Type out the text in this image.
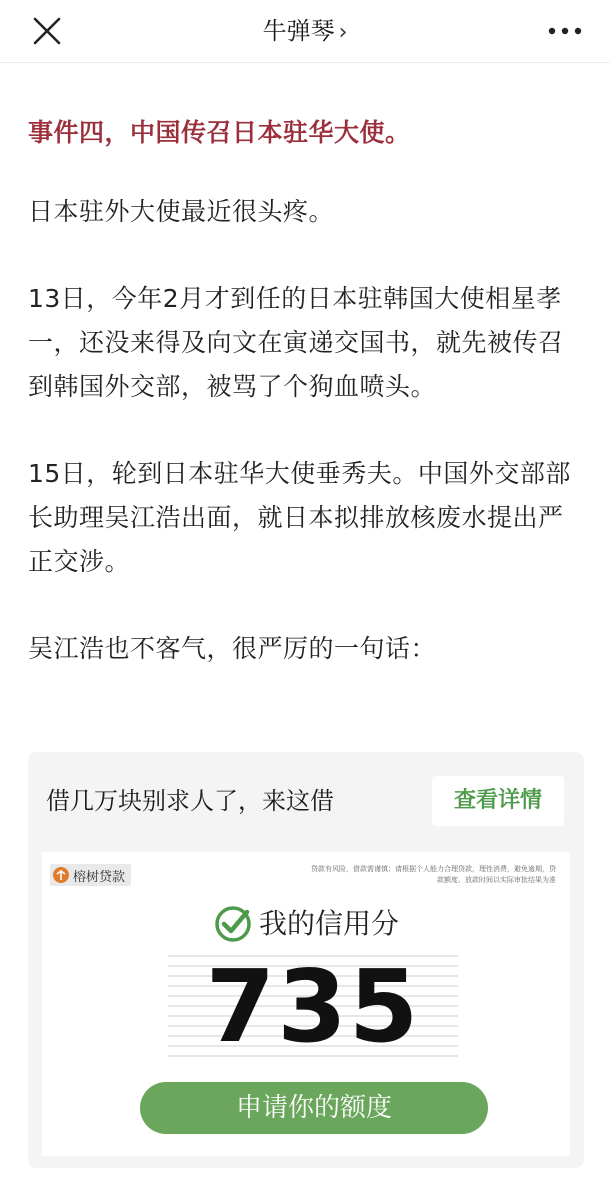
牛弹琴 ›

事件四，中国传召日本驻华大使。

日本驻外大使最近很头疼。

13日，今年2月才到任的日本驻韩国大使相星孝一，还没来得及向文在寅递交国书，就先被传召到韩国外交部，被骂了个狗血喷头。

15日，轮到日本驻华大使垂秀夫。中国外交部部长助理吴江浩出面，就日本拟排放核废水提出严正交涉。

吴江浩也不客气，很严厉的一句话：

借几万块别求人了，来这借	查看详情
榕树贷款
贷款有风险，借款需谨慎；请根据个人能力合理贷款，理性消费，避免逾期，贷款额度、放款时间以实际审批结果为准
我的信用分
735
申请你的额度
